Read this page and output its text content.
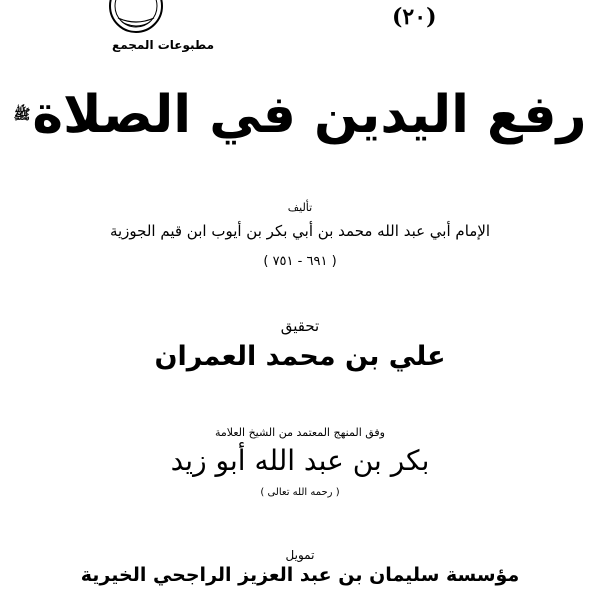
(٢٠)
مطبوعات المجمع
رفع اليدين في الصلاة$^ﷺ$
تأليف
الإمام أبي عبد الله محمد بن أبي بكر بن أيوب ابن قيم الجوزية
( ٦٩١ - ٧٥١ )
تحقيق
علي بن محمد العمران
وفق المنهج المعتمد من الشيخ العلامة
بكر بن عبد الله أبو زيد
( رحمه الله تعالى )
تمويل
مؤسسة سليمان بن عبد العزيز الراجحي الخيرية
